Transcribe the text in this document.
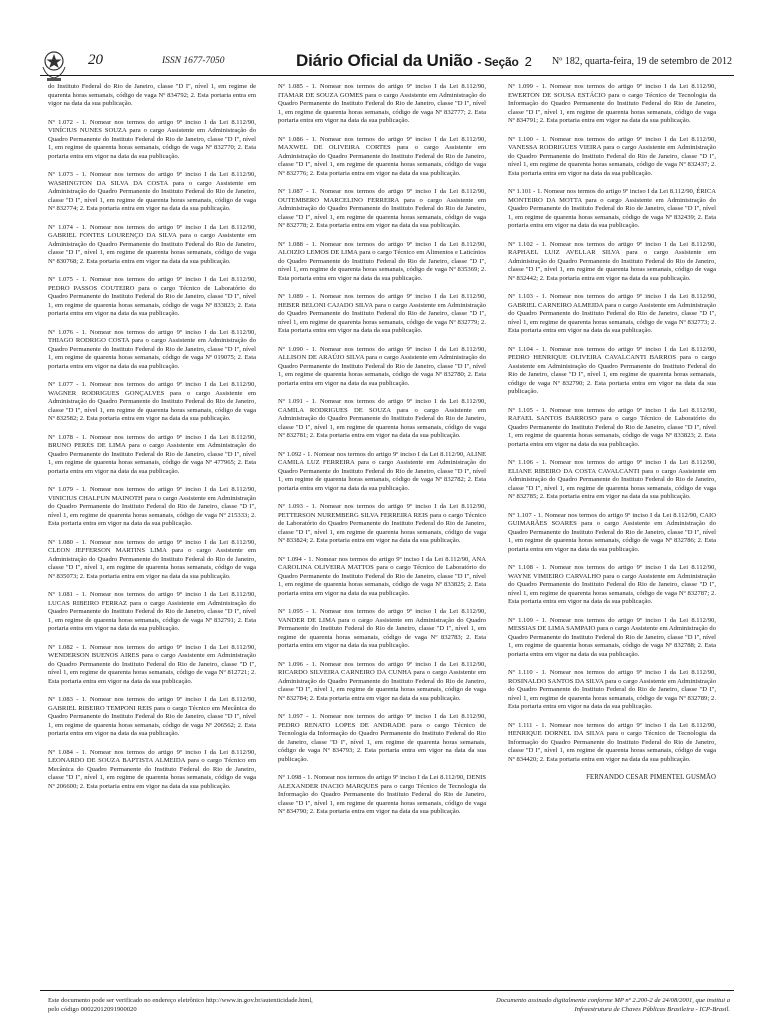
20	ISSN 1677-7050	Diário Oficial da União - Seção 2 Nº 182, quarta-feira, 19 de setembro de 2012

do Instituto Federal do Rio de Janeiro, classe "D I", nível 1, em regime de quarenta horas semanais, código de vaga Nº 834792; 2. Esta portaria entra em vigor na data da sua publicação.

Nº 1.072 - 1. Nomear nos termos do artigo 9º inciso I da Lei 8.112/90, VINÍCIUS NUNES SOUZA para o cargo Assistente em Administração do Quadro Permanente do Instituto Federal do Rio de Janeiro, classe "D I", nível 1, em regime de quarenta horas semanais, código de vaga Nº 832770; 2. Esta portaria entra em vigor na data da sua publicação.

Nº 1.073 - 1. Nomear nos termos do artigo 9º inciso I da Lei 8.112/90, WASHINGTON DA SILVA DA COSTA para o cargo Assistente em Administração do Quadro Permanente do Instituto Federal do Rio de Janeiro, classe "D I", nível 1, em regime de quarenta horas semanais, código de vaga Nº 832774; 2. Esta portaria entra em vigor na data da sua publicação.

Nº 1.074 - 1. Nomear nos termos do artigo 9º inciso I da Lei 8.112/90, GABRIEL FONTES LOURENÇO DA SILVA para o cargo Assistente em Administração do Quadro Permanente do Instituto Federal do Rio de Janeiro, classe "D I", nível 1, em regime de quarenta horas semanais, código de vaga Nº 830768; 2. Esta portaria entra em vigor na data da sua publicação.

Nº 1.075 - 1. Nomear nos termos do artigo 9º inciso I da Lei 8.112/90, PEDRO PASSOS COUTEIRO para o cargo Técnico de Laboratório do Quadro Permanente do Instituto Federal do Rio de Janeiro, classe "D I", nível 1, em regime de quarenta horas semanais, código de vaga Nº 833823; 2. Esta portaria entra em vigor na data da sua publicação.

Nº 1.076 - 1. Nomear nos termos do artigo 9º inciso I da Lei 8.112/90, THIAGO RODRIGO COSTA para o cargo Assistente em Administração do Quadro Permanente do Instituto Federal do Rio de Janeiro, classe "D I", nível 1, em regime de quarenta horas semanais, código de vaga Nº 019075; 2. Esta portaria entra em vigor na data da sua publicação.

Nº 1.077 - 1. Nomear nos termos do artigo 9º inciso I da Lei 8.112/90, WAGNER RODRIGUES GONÇALVES para o cargo Assistente em Administração do Quadro Permanente do Instituto Federal do Rio de Janeiro, classe "D I", nível 1, em regime de quarenta horas semanais, código de vaga Nº 832582; 2. Esta portaria entra em vigor na data da sua publicação.

Nº 1.078 - 1. Nomear nos termos do artigo 9º inciso I da Lei 8.112/90, BRUNO PERES DE LIMA para o cargo Assistente em Administração do Quadro Permanente do Instituto Federal do Rio de Janeiro, classe "D I", nível 1, em regime de quarenta horas semanais, código de vaga Nº 477965; 2. Esta portaria entra em vigor na data da sua publicação.

Nº 1.079 - 1. Nomear nos termos do artigo 9º inciso I da Lei 8.112/90, VINICIUS CHALFUN MAINOTH para o cargo Assistente em Administração do Quadro Permanente do Instituto Federal do Rio de Janeiro, classe "D I", nível 1, em regime de quarenta horas semanais, código de vaga Nº 215333; 2. Esta portaria entra em vigor na data da sua publicação.

Nº 1.080 - 1. Nomear nos termos do artigo 9º inciso I da Lei 8.112/90, CLEON JEFFERSON MARTINS LIMA para o cargo Assistente em Administração do Quadro Permanente do Instituto Federal do Rio de Janeiro, classe "D I", nível 1, em regime de quarenta horas semanais, código de vaga Nº 835073; 2. Esta portaria entra em vigor na data da sua publicação.

Nº 1.081 - 1. Nomear nos termos do artigo 9º inciso I da Lei 8.112/90, LUCAS RIBEIRO FERRAZ para o cargo Assistente em Administração do Quadro Permanente do Instituto Federal do Rio de Janeiro, classe "D I", nível 1, em regime de quarenta horas semanais, código de vaga Nº 832791; 2. Esta portaria entra em vigor na data da sua publicação.

Nº 1.082 - 1. Nomear nos termos do artigo 9º inciso I da Lei 8.112/90, WENDERSON BUENOS AIRES para o cargo Assistente em Administração do Quadro Permanente do Instituto Federal do Rio de Janeiro, classe "D I", nível 1, em regime de quarenta horas semanais, código de vaga Nº 812721; 2. Esta portaria entra em vigor na data da sua publicação.

Nº 1.083 - 1. Nomear nos termos do artigo 9º inciso I da Lei 8.112/90, GABRIEL RIBEIRO TEMPONI REIS para o cargo Técnico em Mecânica do Quadro Permanente do Instituto Federal do Rio de Janeiro, classe "D I", nível 1, em regime de quarenta horas semanais, código de vaga Nº 206562; 2. Esta portaria entra em vigor na data da sua publicação.

Nº 1.084 - 1. Nomear nos termos do artigo 9º inciso I da Lei 8.112/90, LEONARDO DE SOUZA BAPTISTA ALMEIDA para o cargo Técnico em Mecânica do Quadro Permanente do Instituto Federal do Rio de Janeiro, classe "D I", nível 1, em regime de quarenta horas semanais, código de vaga Nº 206600; 2. Esta portaria entra em vigor na data da sua publicação.

Nº 1.085 - 1. Nomear nos termos do artigo 9º inciso I da Lei 8.112/90, ITAMAR DE SOUZA GOMES para o cargo Assistente em Administração do Quadro Permanente do Instituto Federal do Rio de Janeiro, classe "D I", nível 1, em regime de quarenta horas semanais, código de vaga Nº 832777; 2. Esta portaria entra em vigor na data da sua publicação.

Nº 1.086 - 1. Nomear nos termos do artigo 9º inciso I da Lei 8.112/90, MAXWEL DE OLIVEIRA CORTES para o cargo Assistente em Administração do Quadro Permanente do Instituto Federal do Rio de Janeiro, classe "D I", nível 1, em regime de quarenta horas semanais, código de vaga Nº 832776; 2. Esta portaria entra em vigor na data da sua publicação.

Nº 1.087 - 1. Nomear nos termos do artigo 9º inciso I da Lei 8.112/90, OUTEMBERO MARCELINO FERREIRA para o cargo Assistente em Administração do Quadro Permanente do Instituto Federal do Rio de Janeiro, classe "D I", nível 1, em regime de quarenta horas semanais, código de vaga Nº 832778; 2. Esta portaria entra em vigor na data da sua publicação.

Nº 1.088 - 1. Nomear nos termos do artigo 9º inciso I da Lei 8.112/90, ALOIZIO LEMOS DE LIMA para o cargo Técnico em Alimentos e Laticínios do Quadro Permanente do Instituto Federal do Rio de Janeiro, classe "D I", nível 1, em regime de quarenta horas semanais, código de vaga Nº 835369; 2. Esta portaria entra em vigor na data da sua publicação.

Nº 1.089 - 1. Nomear nos termos do artigo 9º inciso I da Lei 8.112/90, HEBER BELONI CAJADO SILVA para o cargo Assistente em Administração do Quadro Permanente do Instituto Federal do Rio de Janeiro, classe "D I", nível 1, em regime de quarenta horas semanais, código de vaga Nº 832779; 2. Esta portaria entra em vigor na data da sua publicação.

Nº 1.090 - 1. Nomear nos termos do artigo 9º inciso I da Lei 8.112/90, ALLISON DE ARAÚJO SILVA para o cargo Assistente em Administração do Quadro Permanente do Instituto Federal do Rio de Janeiro, classe "D I", nível 1, em regime de quarenta horas semanais, código de vaga Nº 832780; 2. Esta portaria entra em vigor na data da sua publicação.

Nº 1.091 - 1. Nomear nos termos do artigo 9º inciso I da Lei 8.112/90, CAMILA RODRIGUES DE SOUZA para o cargo Assistente em Administração do Quadro Permanente do Instituto Federal do Rio de Janeiro, classe "D I", nível 1, em regime de quarenta horas semanais, código de vaga Nº 832781; 2. Esta portaria entra em vigor na data da sua publicação.

Nº 1.092 - 1. Nomear nos termos do artigo 9º inciso I da Lei 8.112/90, ALINE CAMILA LUZ FERREIRA para o cargo Assistente em Administração do Quadro Permanente do Instituto Federal do Rio de Janeiro, classe "D I", nível 1, em regime de quarenta horas semanais, código de vaga Nº 832782; 2. Esta portaria entra em vigor na data da sua publicação.

Nº 1.093 - 1. Nomear nos termos do artigo 9º inciso I da Lei 8.112/90, PETTERSON NUREMBERG SILVA FERREIRA REIS para o cargo Técnico de Laboratório do Quadro Permanente do Instituto Federal do Rio de Janeiro, classe "D I", nível 1, em regime de quarenta horas semanais, código de vaga Nº 833824; 2. Esta portaria entra em vigor na data da sua publicação.

Nº 1.094 - 1. Nomear nos termos do artigo 9º inciso I da Lei 8.112/90, ANA CAROLINA OLIVEIRA MATTOS para o cargo Técnico de Laboratório do Quadro Permanente do Instituto Federal do Rio de Janeiro, classe "D I", nível 1, em regime de quarenta horas semanais, código de vaga Nº 833825; 2. Esta portaria entra em vigor na data da sua publicação.

Nº 1.095 - 1. Nomear nos termos do artigo 9º inciso I da Lei 8.112/90, VANDER DE LIMA para o cargo Assistente em Administração do Quadro Permanente do Instituto Federal do Rio de Janeiro, classe "D I", nível 1, em regime de quarenta horas semanais, código de vaga Nº 832783; 2. Esta portaria entra em vigor na data da sua publicação.

Nº 1.096 - 1. Nomear nos termos do artigo 9º inciso I da Lei 8.112/90, RICARDO SILVEIRA CARNEIRO DA CUNHA para o cargo Assistente em Administração do Quadro Permanente do Instituto Federal do Rio de Janeiro, classe "D I", nível 1, em regime de quarenta horas semanais, código de vaga Nº 832784; 2. Esta portaria entra em vigor na data da sua publicação.

Nº 1.097 - 1. Nomear nos termos do artigo 9º inciso I da Lei 8.112/90, PEDRO RENATO LOPES DE ANDRADE para o cargo Técnico de Tecnologia da Informação do Quadro Permanente do Instituto Federal do Rio de Janeiro, classe "D I", nível 1, em regime de quarenta horas semanais, código de vaga Nº 834793; 2. Esta portaria entra em vigor na data da sua publicação.

Nº 1.098 - 1. Nomear nos termos do artigo 9º inciso I da Lei 8.112/90, DENIS ALEXANDER INACIO MARQUES para o cargo Técnico de Tecnologia da Informação do Quadro Permanente do Instituto Federal do Rio de Janeiro, classe "D I", nível 1, em regime de quarenta horas semanais, código de vaga Nº 834790; 2. Esta portaria entra em vigor na data da sua publicação.

Nº 1.099 - 1. Nomear nos termos do artigo 9º inciso I da Lei 8.112/90, EWERTON DE SOUSA ESTÁCIO para o cargo Técnico de Tecnologia da Informação do Quadro Permanente do Instituto Federal do Rio de Janeiro, classe "D I", nível 1, em regime de quarenta horas semanais, código de vaga Nº 834791; 2. Esta portaria entra em vigor na data da sua publicação.

Nº 1.100 - 1. Nomear nos termos do artigo 9º inciso I da Lei 8.112/90, VANESSA RODRIGUES VIEIRA para o cargo Assistente em Administração do Quadro Permanente do Instituto Federal do Rio de Janeiro, classe "D I", nível 1, em regime de quarenta horas semanais, código de vaga Nº 832437; 2. Esta portaria entra em vigor na data da sua publicação.

Nº 1.101 - 1. Nomear nos termos do artigo 9º inciso I da Lei 8.112/90, ÉRICA MONTEIRO DA MOTTA para o cargo Assistente em Administração do Quadro Permanente do Instituto Federal do Rio de Janeiro, classe "D I", nível 1, em regime de quarenta horas semanais, código de vaga Nº 832439; 2. Esta portaria entra em vigor na data da sua publicação.

Nº 1.102 - 1. Nomear nos termos do artigo 9º inciso I da Lei 8.112/90, RAPHAEL LUIZ AVELLAR SILVA para o cargo Assistente em Administração do Quadro Permanente do Instituto Federal do Rio de Janeiro, classe "D I", nível 1, em regime de quarenta horas semanais, código de vaga Nº 832442; 2. Esta portaria entra em vigor na data da sua publicação.

Nº 1.103 - 1. Nomear nos termos do artigo 9º inciso I da Lei 8.112/90, GABRIEL CARNEIRO ALMEIDA para o cargo Assistente em Administração do Quadro Permanente do Instituto Federal do Rio de Janeiro, classe "D I", nível 1, em regime de quarenta horas semanais, código de vaga Nº 832773; 2. Esta portaria entra em vigor na data da sua publicação.

Nº 1.104 - 1. Nomear nos termos do artigo 9º inciso I da Lei 8.112/90, PEDRO HENRIQUE OLIVEIRA CAVALCANTI BARROS para o cargo Assistente em Administração do Quadro Permanente do Instituto Federal do Rio de Janeiro, classe "D I", nível 1, em regime de quarenta horas semanais, código de vaga Nº 832790; 2. Esta portaria entra em vigor na data da sua publicação.

Nº 1.105 - 1. Nomear nos termos do artigo 9º inciso I da Lei 8.112/90, RAFAEL SANTOS BARROSO para o cargo Técnico de Laboratório do Quadro Permanente do Instituto Federal do Rio de Janeiro, classe "D I", nível 1, em regime de quarenta horas semanais, código de vaga Nº 833823; 2. Esta portaria entra em vigor na data da sua publicação.

Nº 1.106 - 1. Nomear nos termos do artigo 9º inciso I da Lei 8.112/90, ELIANE RIBEIRO DA COSTA CAVALCANTI para o cargo Assistente em Administração do Quadro Permanente do Instituto Federal do Rio de Janeiro, classe "D I", nível 1, em regime de quarenta horas semanais, código de vaga Nº 832785; 2. Esta portaria entra em vigor na data da sua publicação.

Nº 1.107 - 1. Nomear nos termos do artigo 9º inciso I da Lei 8.112/90, CAIO GUIMARÃES SOARES para o cargo Assistente em Administração do Quadro Permanente do Instituto Federal do Rio de Janeiro, classe "D I", nível 1, em regime de quarenta horas semanais, código de vaga Nº 832786; 2. Esta portaria entra em vigor na data da sua publicação.

Nº 1.108 - 1. Nomear nos termos do artigo 9º inciso I da Lei 8.112/90, WAYNE VIMIEIRO CARVALHO para o cargo Assistente em Administração do Quadro Permanente do Instituto Federal do Rio de Janeiro, classe "D I", nível 1, em regime de quarenta horas semanais, código de vaga Nº 832787; 2. Esta portaria entra em vigor na data da sua publicação.

Nº 1.109 - 1. Nomear nos termos do artigo 9º inciso I da Lei 8.112/90, MESSIAS DE LIMA SAMPAIO para o cargo Assistente em Administração do Quadro Permanente do Instituto Federal do Rio de Janeiro, classe "D I", nível 1, em regime de quarenta horas semanais, código de vaga Nº 832788; 2. Esta portaria entra em vigor na data da sua publicação.

Nº 1.110 - 1. Nomear nos termos do artigo 9º inciso I da Lei 8.112/90, ROSINALDO SANTOS DA SILVA para o cargo Assistente em Administração do Quadro Permanente do Instituto Federal do Rio de Janeiro, classe "D I", nível 1, em regime de quarenta horas semanais, código de vaga Nº 832789; 2. Esta portaria entra em vigor na data da sua publicação.

Nº 1.111 - 1. Nomear nos termos do artigo 9º inciso I da Lei 8.112/90, HENRIQUE DORNEL DA SILVA para o cargo Técnico de Tecnologia da Informação do Quadro Permanente do Instituto Federal do Rio de Janeiro, classe "D I", nível 1, em regime de quarenta horas semanais, código de vaga Nº 834420; 2. Esta portaria entra em vigor na data da sua publicação.

FERNANDO CESAR PIMENTEL GUSMÃO
Este documento pode ser verificado no endereço eletrônico http://www.in.gov.br/autenticidade.html,
pelo código 00022012091900020
Documento assinado digitalmente conforme MP nº 2.200-2 de 24/08/2001, que institui a
Infraestrutura de Chaves Públicas Brasileira - ICP-Brasil.
